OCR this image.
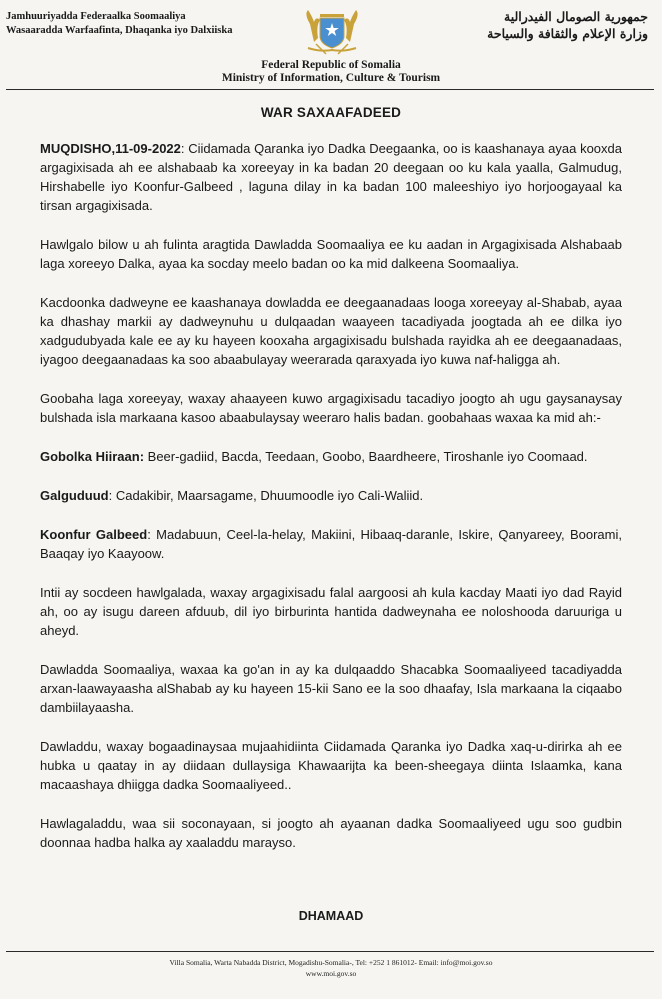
Jamhuuriyadda Federaalka Soomaaliya
Wasaaradda Warfaafinta, Dhaqanka iyo Dalxiiska
جمهورية الصومال الفيدرالية
وزارة الإعلام والثقافة والسياحة
Federal Republic of Somalia
Ministry of Information, Culture & Tourism
WAR SAXAAFADEED

MUQDISHO,11-09-2022: Ciidamada Qaranka iyo Dadka Deegaanka, oo is kaashanaya ayaa kooxda argagixisada ah ee alshabaab ka xoreeyay in ka badan 20 deegaan oo ku kala yaalla, Galmudug, Hirshabelle iyo Koonfur-Galbeed , laguna dilay in ka badan 100 maleeshiyo iyo horjoogayaal ka tirsan argagixisada.

Hawlgalo bilow u ah fulinta aragtida Dawladda Soomaaliya ee ku aadan in Argagixisada Alshabaab laga xoreeyo Dalka, ayaa ka socday meelo badan oo ka mid dalkeena Soomaaliya.

Kacdoonka dadweyne ee kaashanaya dowladda ee deegaanadaas looga xoreeyay al-Shabab, ayaa ka dhashay markii ay dadweynuhu u dulqaadan waayeen tacadiyada joogtada ah ee dilka iyo xadgudubyada kale ee ay ku hayeen kooxaha argagixisadu bulshada rayidka ah ee deegaanadaas, iyagoo deegaanadaas ka soo abaabulayay weerarada qaraxyada iyo kuwa naf-haligga ah.

Goobaha laga xoreeyay, waxay ahaayeen kuwo argagixisadu tacadiyo joogto ah ugu gaysanaysay bulshada isla markaana kasoo abaabulaysay weeraro halis badan. goobahaas waxaa ka mid ah:-

Gobolka Hiiraan: Beer-gadiid, Bacda, Teedaan, Goobo, Baardheere, Tiroshanle iyo Coomaad.

Galguduud: Cadakibir, Maarsagame, Dhuumoodle iyo Cali-Waliid.

Koonfur Galbeed: Madabuun, Ceel-la-helay, Makiini, Hibaaq-daranle, Iskire, Qanyareey, Boorami, Baaqay iyo Kaayoow.

Intii ay socdeen hawlgalada, waxay argagixisadu falal aargoosi ah kula kacday Maati iyo dad Rayid ah, oo ay isugu dareen afduub, dil iyo birburinta hantida dadweynaha ee noloshooda daruuriga u aheyd.

Dawladda Soomaaliya, waxaa ka go'an in ay ka dulqaaddo Shacabka Soomaaliyeed tacadiyadda arxan-laawayaasha alShabab ay ku hayeen 15-kii Sano ee la soo dhaafay, Isla markaana la ciqaabo dambiilayaasha.

Dawladdu, waxay bogaadinaysaa mujaahidiinta Ciidamada Qaranka iyo Dadka xaq-u-dirirka ah ee hubka u qaatay in ay diidaan dullaysiga Khawaarijta ka been-sheegaya diinta Islaamka, kana macaashaya dhiigga dadka Soomaaliyeed..

Hawlagaladdu, waa sii soconayaan, si joogto ah ayaanan dadka Soomaaliyeed ugu soo gudbin doonnaa hadba halka ay xaaladdu marayso.

DHAMAAD
Villa Somalia, Warta Nabadda District, Mogadishu-Somalia-, Tel: +252 1 861012- Email: info@moi.gov.so
www.moi.gov.so
